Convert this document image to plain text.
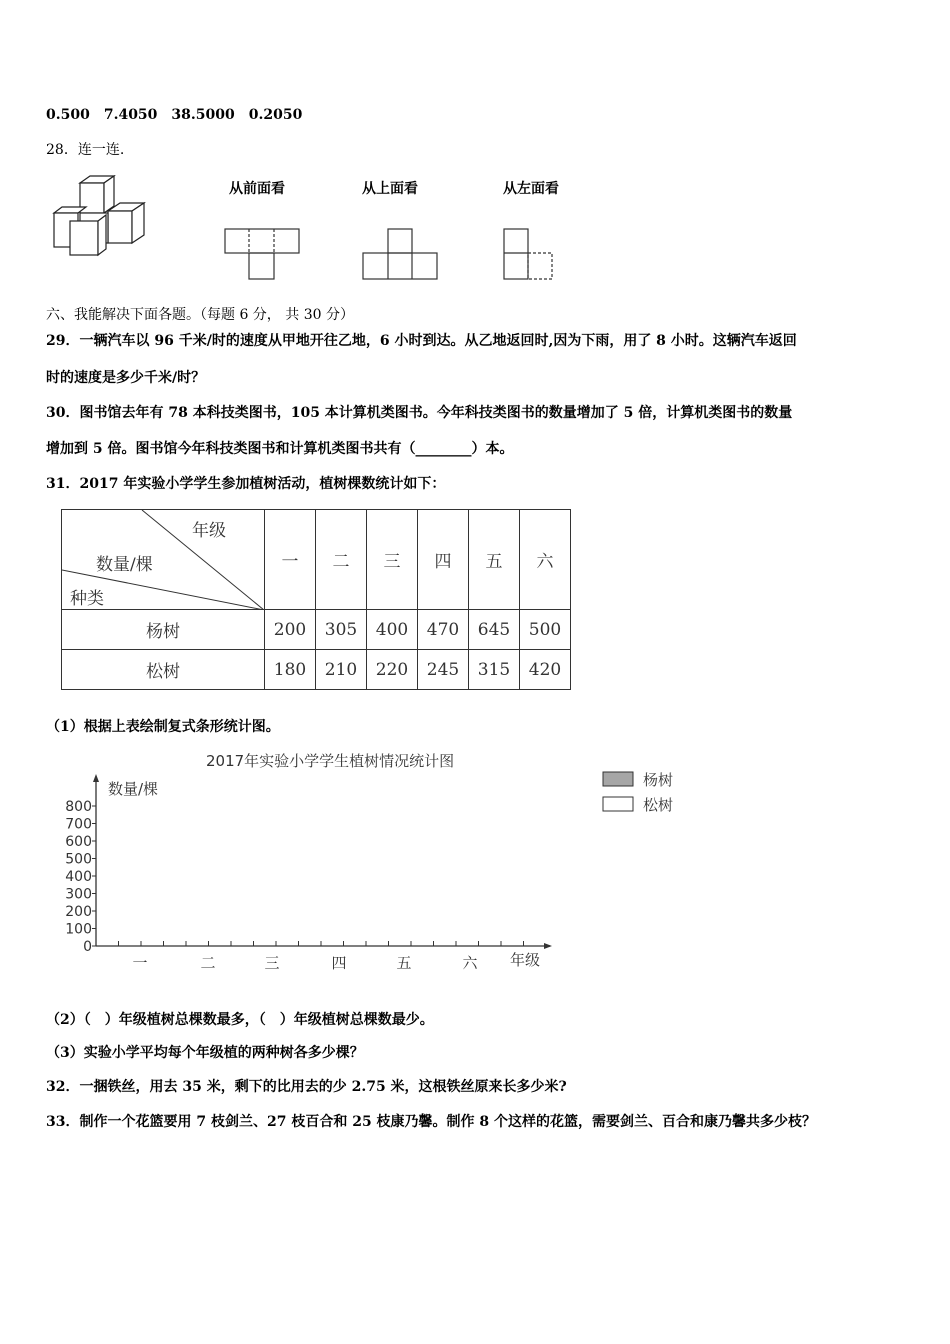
0.500　7.4050　38.5000　0.2050
28．连一连.
从前面看	从上面看	从左面看
六、我能解决下面各题。（每题 6 分， 共 30 分）
29．一辆汽车以 96 千米/时的速度从甲地开往乙地，6 小时到达。从乙地返回时,因为下雨，用了 8 小时。这辆汽车返回
时的速度是多少千米/时？
30．图书馆去年有 78 本科技类图书，105 本计算机类图书。今年科技类图书的数量增加了 5 倍，计算机类图书的数量
增加到 5 倍。图书馆今年科技类图书和计算机类图书共有（________）本。
31．2017 年实验小学学生参加植树活动，植树棵数统计如下：
年级
数量/棵
种类	一	二	三	四	五	六
杨树	200	305	400	470	645	500
松树	180	210	220	245	315	420
（1）根据上表绘制复式条形统计图。
2017年实验小学学生植树情况统计图
0
100
200
300
400
500
600
700
800
一	二	三	四	五	六 年级
数量/棵	杨树
松树
（2）（　）年级植树总棵数最多，（　）年级植树总棵数最少。
（3）实验小学平均每个年级植的两种树各多少棵？
32．一捆铁丝，用去 35 米，剩下的比用去的少 2.75 米，这根铁丝原来长多少米?
33．制作一个花篮要用 7 枝剑兰、27 枝百合和 25 枝康乃馨。制作 8 个这样的花篮，需要剑兰、百合和康乃馨共多少枝？
